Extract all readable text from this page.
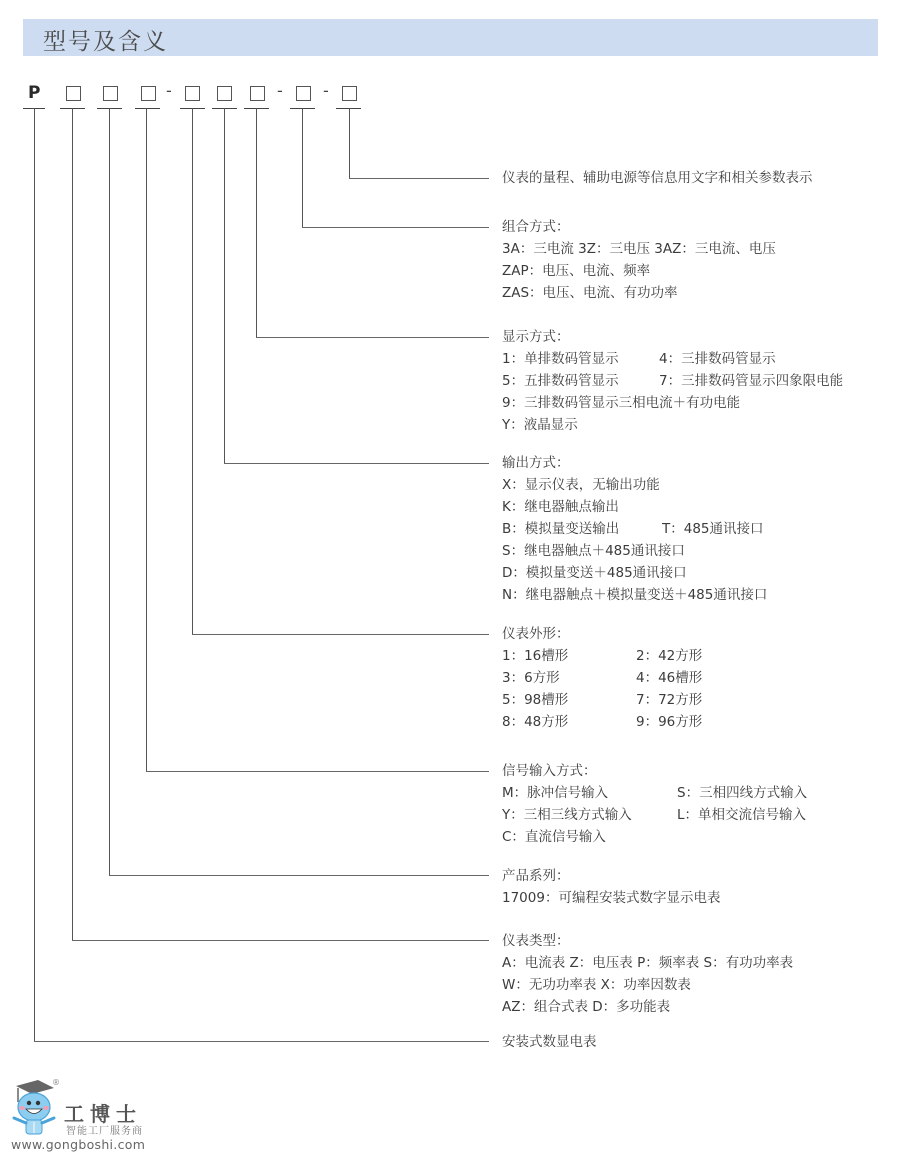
型号及含义
P	-	-	-
仪表的量程、辅助电源等信息用文字和相关参数表示
组合方式：
3A：三电流 3Z：三电压 3AZ：三电流、电压
ZAP：电压、电流、频率
ZAS：电压、电流、有功功率
显示方式：
1：单排数码管显示	4：三排数码管显示
5：五排数码管显示	7：三排数码管显示四象限电能
9：三排数码管显示三相电流＋有功电能
Y：液晶显示
输出方式：
X：显示仪表，无输出功能
K：继电器触点输出
B：模拟量变送输出	T：485通讯接口
S：继电器触点＋485通讯接口
D：模拟量变送＋485通讯接口
N：继电器触点＋模拟量变送＋485通讯接口
仪表外形：
1：16槽形	2：42方形
3：6方形	4：46槽形
5：98槽形	7：72方形
8：48方形	9：96方形
信号输入方式：
M：脉冲信号输入	S：三相四线方式输入
Y：三相三线方式输入	L：单相交流信号输入
C：直流信号输入
产品系列：
17009：可编程安装式数字显示电表
仪表类型：
A：电流表 Z：电压表 P：频率表 S：有功功率表
W：无功功率表 X：功率因数表
AZ：组合式表 D：多功能表
安装式数显电表
®
工博士
智能工厂服务商
www.gongboshi.com
